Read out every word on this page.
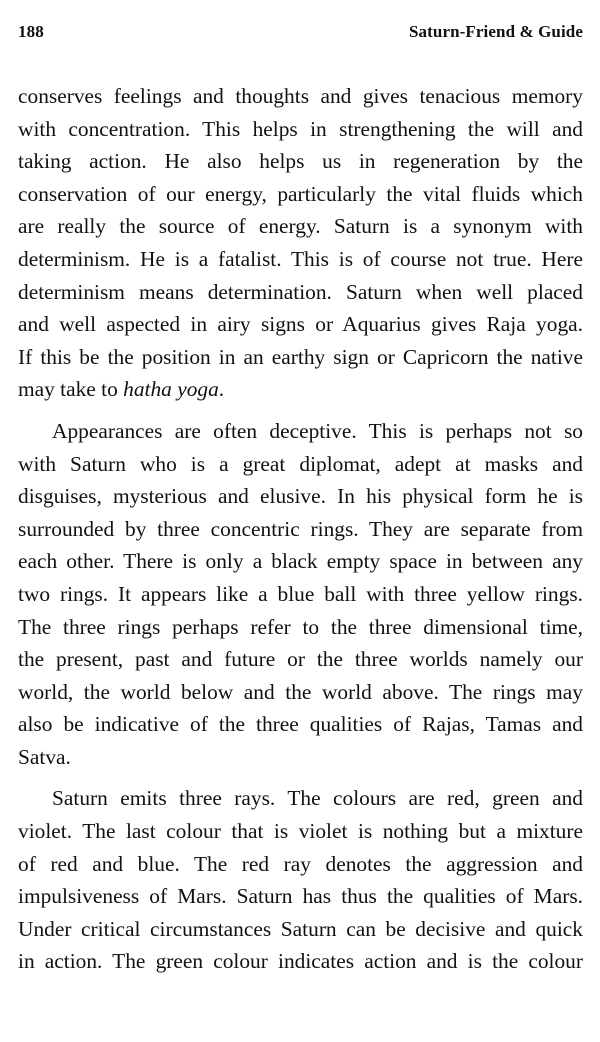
188	Saturn-Friend & Guide

conserves feelings and thoughts and gives tenacious memory
with concentration. This helps in strengthening the will and
taking action. He also helps us in regeneration by the
conservation of our energy, particularly the vital fluids which
are really the source of energy. Saturn is a synonym with
determinism. He is a fatalist. This is of course not true. Here
determinism means determination. Saturn when well placed
and well aspected in airy signs or Aquarius gives Raja yoga.
If this be the position in an earthy sign or Capricorn the native
may take to hatha yoga.

Appearances are often deceptive. This is perhaps not so
with Saturn who is a great diplomat, adept at masks and
disguises, mysterious and elusive. In his physical form he is
surrounded by three concentric rings. They are separate from
each other. There is only a black empty space in between any
two rings. It appears like a blue ball with three yellow rings.
The three rings perhaps refer to the three dimensional time,
the present, past and future or the three worlds namely our
world, the world below and the world above. The rings may
also be indicative of the three qualities of Rajas, Tamas and
Satva.

Saturn emits three rays. The colours are red, green and
violet. The last colour that is violet is nothing but a mixture
of red and blue. The red ray denotes the aggression and
impulsiveness of Mars. Saturn has thus the qualities of Mars.
Under critical circumstances Saturn can be decisive and quick
in action. The green colour indicates action and is the colour
